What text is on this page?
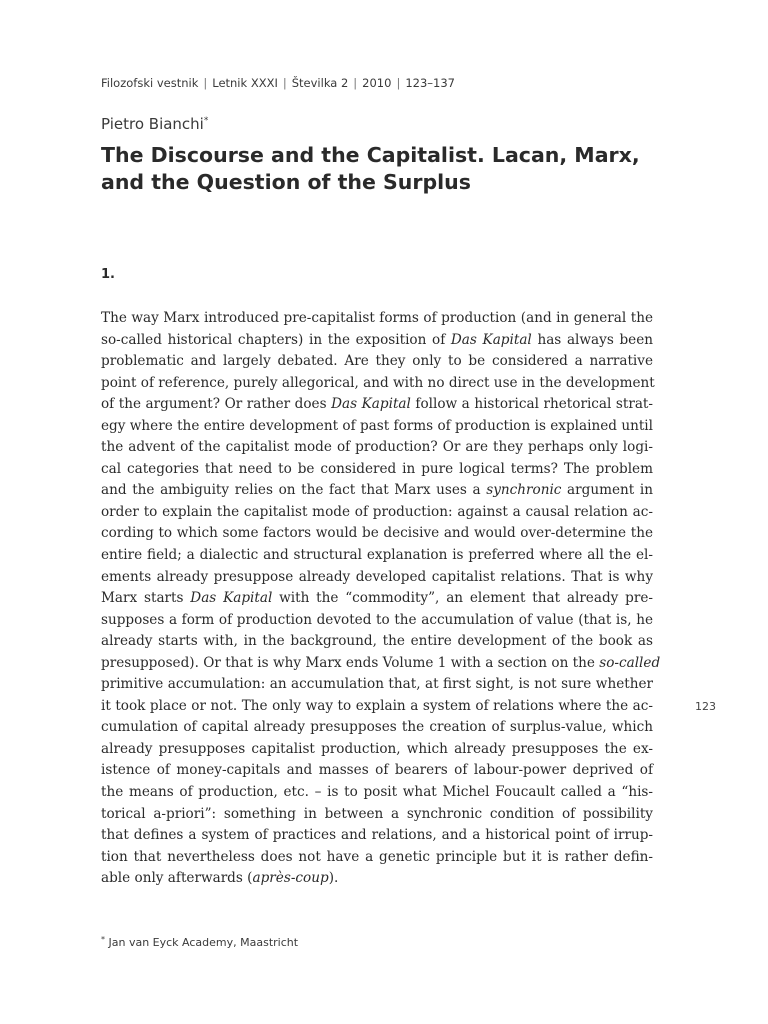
Filozofski vestnik | Letnik XXXI | Številka 2 | 2010 | 123–137
Pietro Bianchi*
The Discourse and the Capitalist. Lacan, Marx,
and the Question of the Surplus
1.
The way Marx introduced pre-capitalist forms of production (and in general the
so-called historical chapters) in the exposition of Das Kapital has always been
problematic and largely debated. Are they only to be considered a narrative
point of reference, purely allegorical, and with no direct use in the development
of the argument? Or rather does Das Kapital follow a historical rhetorical strat-
egy where the entire development of past forms of production is explained until
the advent of the capitalist mode of production? Or are they perhaps only logi-
cal categories that need to be considered in pure logical terms? The problem
and the ambiguity relies on the fact that Marx uses a synchronic argument in
order to explain the capitalist mode of production: against a causal relation ac-
cording to which some factors would be decisive and would over-determine the
entire field; a dialectic and structural explanation is preferred where all the el-
ements already presuppose already developed capitalist relations. That is why
Marx starts Das Kapital with the “commodity”, an element that already pre-
supposes a form of production devoted to the accumulation of value (that is, he
already starts with, in the background, the entire development of the book as
presupposed). Or that is why Marx ends Volume 1 with a section on the so-called
primitive accumulation: an accumulation that, at first sight, is not sure whether
it took place or not. The only way to explain a system of relations where the ac-
cumulation of capital already presupposes the creation of surplus-value, which
already presupposes capitalist production, which already presupposes the ex-
istence of money-capitals and masses of bearers of labour-power deprived of
the means of production, etc. – is to posit what Michel Foucault called a “his-
torical a-priori”: something in between a synchronic condition of possibility
that defines a system of practices and relations, and a historical point of irrup-
tion that nevertheless does not have a genetic principle but it is rather defin-
able only afterwards (après-coup).
123
* Jan van Eyck Academy, Maastricht
